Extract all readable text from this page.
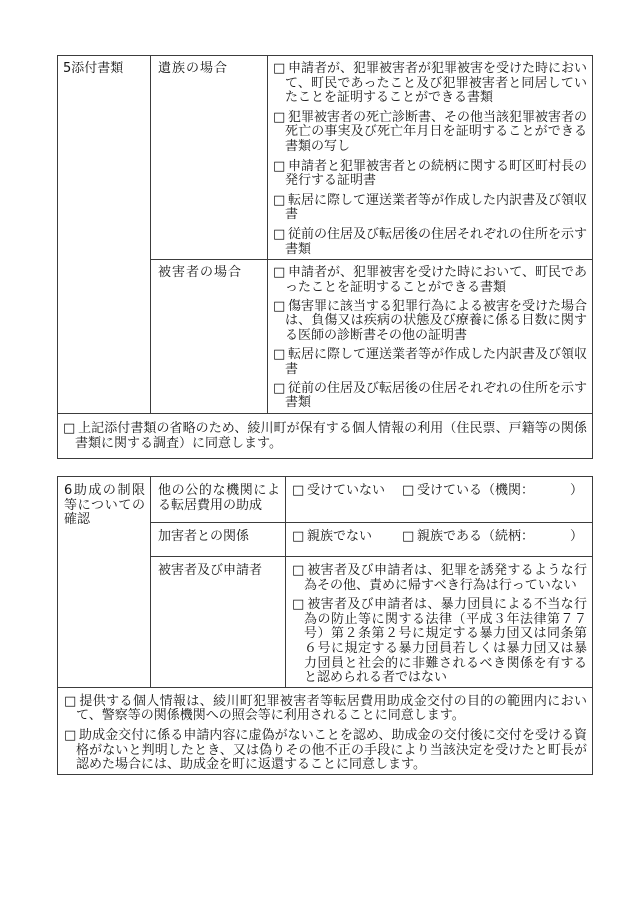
5添付書類	遺族の場合	□ 申請者が、犯罪被害者が犯罪被害を受けた時において、町民であったこと及び犯罪被害者と同居していたことを証明することができる書類
□ 犯罪被害者の死亡診断書、その他当該犯罪被害者の死亡の事実及び死亡年月日を証明することができる書類の写し
□ 申請者と犯罪被害者との続柄に関する町区町村長の発行する証明書
□ 転居に際して運送業者等が作成した内訳書及び領収書
□ 従前の住居及び転居後の住居それぞれの住所を示す書類

	被害者の場合	□ 申請者が、犯罪被害を受けた時において、町民であったことを証明することができる書類
□ 傷害罪に該当する犯罪行為による被害を受けた場合は、負傷又は疾病の状態及び療養に係る日数に関する医師の診断書その他の証明書
□ 転居に際して運送業者等が作成した内訳書及び領収書
□ 従前の住居及び転居後の住居それぞれの住所を示す書類

□ 上記添付書類の省略のため、綾川町が保有する個人情報の利用（住民票、戸籍等の関係書類に関する調査）に同意します。		
6助成の制限等についての確認	他の公的な機関による転居費用の助成	□ 受けていない □ 受けている（機関： ）
	加害者との関係	□ 親族でない □ 親族である（続柄： ）
	被害者及び申請者	□ 被害者及び申請者は、犯罪を誘発するような行為その他、責めに帰すべき行為は行っていない
□ 被害者及び申請者は、暴力団員による不当な行為の防止等に関する法律（平成３年法律第７７号）第２条第２号に規定する暴力団又は同条第６号に規定する暴力団員若しくは暴力団又は暴力団員と社会的に非難されるべき関係を有すると認められる者ではない

□ 提供する個人情報は、綾川町犯罪被害者等転居費用助成金交付の目的の範囲内において、警察等の関係機関への照会等に利用されることに同意します。
□ 助成金交付に係る申請内容に虚偽がないことを認め、助成金の交付後に交付を受ける資格がないと判明したとき、又は偽りその他不正の手段により当該決定を受けたと町長が認めた場合には、助成金を町に返還することに同意します。		
